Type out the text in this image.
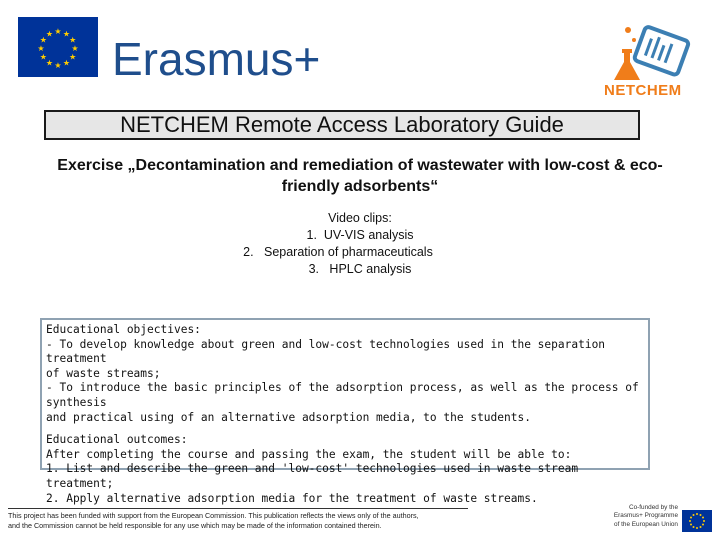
★ ★
★
★
★
★
★
★
★
★
★
★ Erasmus+
NETCHEM
NETCHEM Remote Access Laboratory Guide
Exercise „Decontamination and remediation of wastewater with low-cost & eco-
friendly adsorbents“
Video clips:
1.  UV-VIS analysis
2.   Separation of pharmaceuticals
3.   HPLC analysis
Educational objectives:
- To develop knowledge about green and low-cost technologies used in the separation treatment
of waste streams;
- To introduce the basic principles of the adsorption process, as well as the process of synthesis
and practical using of an alternative adsorption media, to the students.
Educational outcomes:
After completing the course and passing the exam, the student will be able to:
1. List and describe the green and 'low-cost' technologies used in waste stream treatment;
2. Apply alternative adsorption media for the treatment of waste streams.
This project has been funded with support from the European Commission. This publication reflects the views only of the authors,
and the Commission cannot be held responsible for any use which may be made of the information contained therein.
Co-funded by the
Erasmus+ Programme
of the European Union
